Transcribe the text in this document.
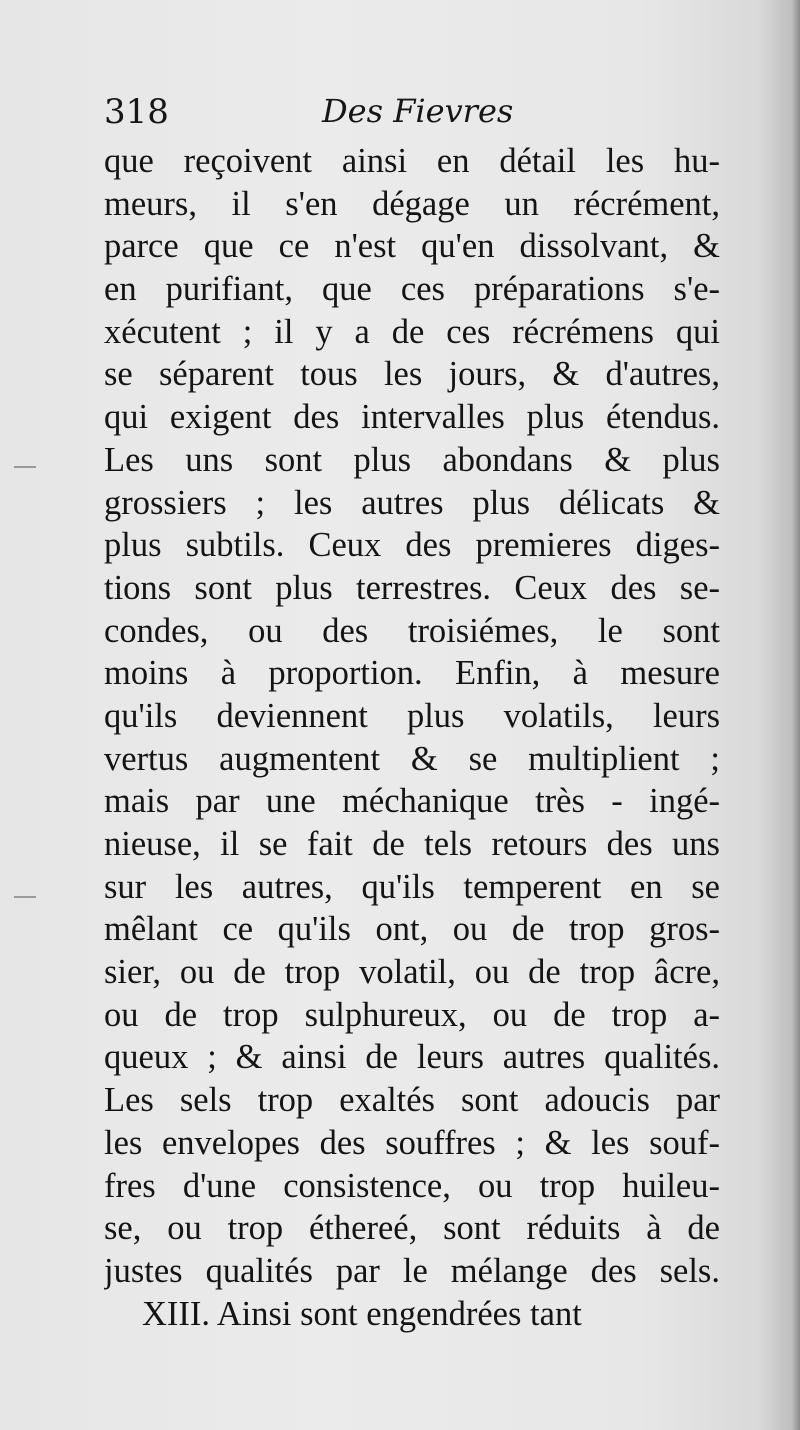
318	Des Fievres

que reçoivent ainsi en détail les hu-
meurs, il s'en dégage un récrément,
parce que ce n'est qu'en dissolvant, &
en purifiant, que ces préparations s'e-
xécutent ; il y a de ces récrémens qui
se séparent tous les jours, & d'autres,
qui exigent des intervalles plus étendus.
Les uns sont plus abondans & plus
grossiers ; les autres plus délicats &
plus subtils. Ceux des premieres diges-
tions sont plus terrestres. Ceux des se-
condes, ou des troisiémes, le sont
moins à proportion. Enfin, à mesure
qu'ils deviennent plus volatils, leurs
vertus augmentent & se multiplient ;
mais par une méchanique très - ingé-
nieuse, il se fait de tels retours des uns
sur les autres, qu'ils temperent en se
mêlant ce qu'ils ont, ou de trop gros-
sier, ou de trop volatil, ou de trop âcre,
ou de trop sulphureux, ou de trop a-
queux ; & ainsi de leurs autres qualités.
Les sels trop exaltés sont adoucis par
les envelopes des souffres ; & les souf-
fres d'une consistence, ou trop huileu-
se, ou trop éthereé, sont réduits à de
justes qualités par le mélange des sels.
XIII. Ainsi sont engendrées tant
